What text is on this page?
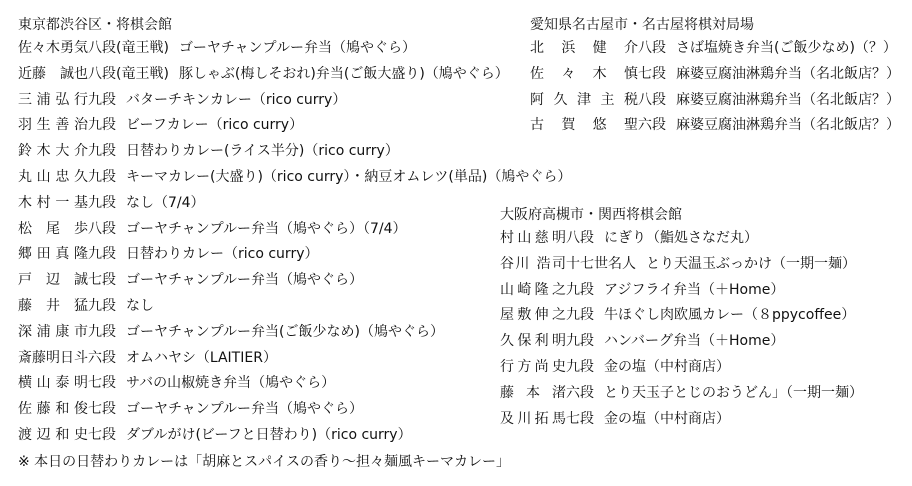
東京都渋谷区・将棋会館
佐々木勇気八段(竜王戦) ゴーヤチャンプルー弁当（鳩やぐら）
近藤　誠也八段(竜王戦) 豚しゃぶ(梅しそおれ)弁当(ご飯大盛り)（鳩やぐら）
三浦弘行九段 バターチキンカレー（rico curry）
羽生善治九段 ビーフカレー（rico curry）
鈴木大介九段 日替わりカレー(ライス半分)（rico curry）
丸山忠久九段 キーマカレー(大盛り)（rico curry）・納豆オムレツ(単品)（鳩やぐら）
木村一基九段 なし（7/4）
松尾歩八段 ゴーヤチャンプルー弁当（鳩やぐら）（7/4）
郷田真隆九段 日替わりカレー（rico curry）
戸辺誠七段 ゴーヤチャンプルー弁当（鳩やぐら）
藤井猛九段 なし
深浦康市九段 ゴーヤチャンプルー弁当(ご飯少なめ)（鳩やぐら）
斎藤明日斗六段 オムハヤシ（LAITIER）
横山泰明七段 サバの山椒焼き弁当（鳩やぐら）
佐藤和俊七段 ゴーヤチャンプルー弁当（鳩やぐら）
渡辺和史七段 ダブルがけ(ビーフと日替わり)（rico curry）
愛知県名古屋市・名古屋将棋対局場
北浜健介八段 さば塩焼き弁当(ご飯少なめ)（？）
佐々木慎七段 麻婆豆腐油淋鶏弁当（名北飯店？）
阿久津主税八段 麻婆豆腐油淋鶏弁当（名北飯店？）
古賀悠聖六段 麻婆豆腐油淋鶏弁当（名北飯店？）
大阪府高槻市・関西将棋会館
村山慈明八段 にぎり（鮨処さなだ丸）
谷川 浩司十七世名人 とり天温玉ぶっかけ（一期一麺）
山崎隆之九段 アジフライ弁当（＋Home）
屋敷伸之九段 牛ほぐし肉欧風カレー（８ppycoffee）
久保利明九段 ハンバーグ弁当（＋Home）
行方尚史九段 金の塩（中村商店）
藤本渚六段 とり天玉子とじのおうどん」（一期一麺）
及川拓馬七段 金の塩（中村商店）
※ 本日の日替わりカレーは「胡麻とスパイスの香り～担々麺風キーマカレー」
